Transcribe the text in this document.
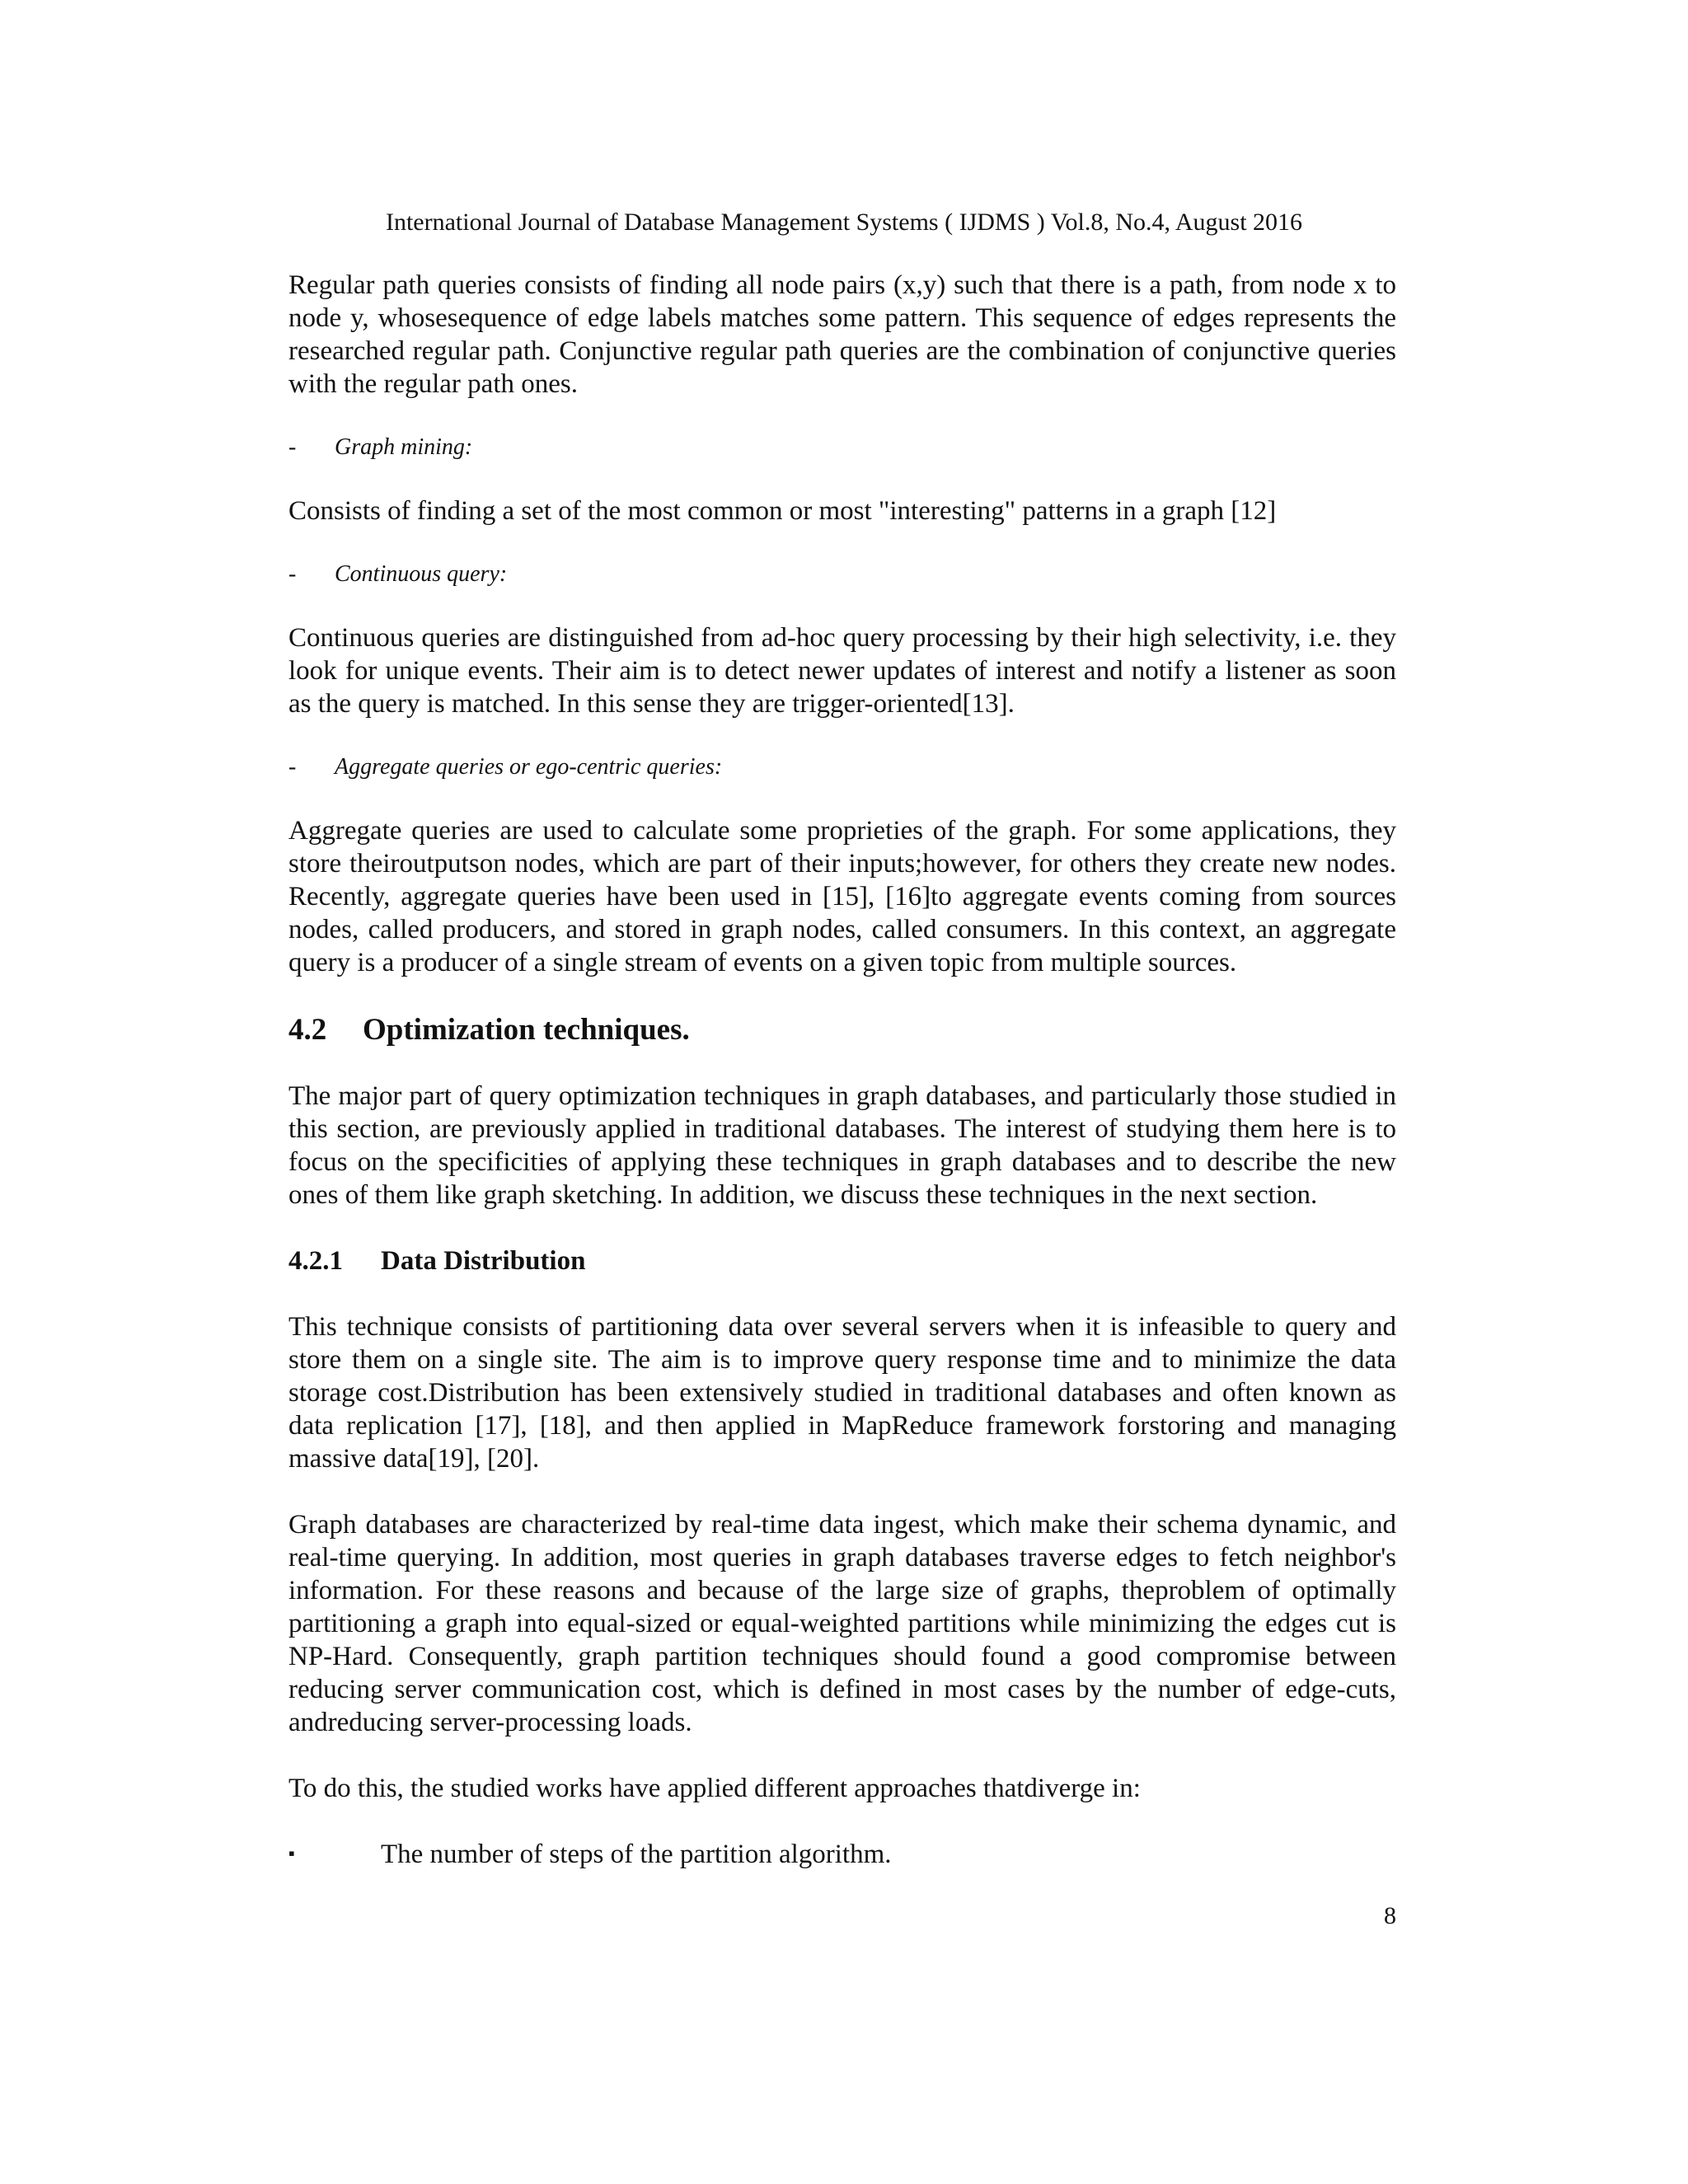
International Journal of Database Management Systems ( IJDMS ) Vol.8, No.4, August 2016

Regular path queries consists of finding all node pairs (x,y) such that there is a path, from node x to node y, whosesequence of edge labels matches some pattern. This sequence of edges represents the researched regular path. Conjunctive regular path queries are the combination of conjunctive queries with the regular path ones.

-	Graph mining:

Consists of finding a set of the most common or most "interesting" patterns in a graph [12]

-	Continuous query:

Continuous queries are distinguished from ad-hoc query processing by their high selectivity, i.e. they look for unique events. Their aim is to detect newer updates of interest and notify a listener as soon as the query is matched. In this sense they are trigger-oriented[13].

-	Aggregate queries or ego-centric queries:

Aggregate queries are used to calculate some proprieties of the graph. For some applications, they store theiroutputson nodes, which are part of their inputs;however, for others they create new nodes. Recently, aggregate queries have been used in [15], [16]to aggregate events coming from sources nodes, called producers, and stored in graph nodes, called consumers. In this context, an aggregate query is a producer of a single stream of events on a given topic from multiple sources.

4.2	Optimization techniques.

The major part of query optimization techniques in graph databases, and particularly those studied in this section, are previously applied in traditional databases. The interest of studying them here is to focus on the specificities of applying these techniques in graph databases and to describe the new ones of them like graph sketching. In addition, we discuss these techniques in the next section.

4.2.1	Data Distribution

This technique consists of partitioning data over several servers when it is infeasible to query and store them on a single site. The aim is to improve query response time and to minimize the data storage cost.Distribution has been extensively studied in traditional databases and often known as data replication [17], [18], and then applied in MapReduce framework forstoring and managing massive data[19], [20].

Graph databases are characterized by real-time data ingest, which make their schema dynamic, and real-time querying. In addition, most queries in graph databases traverse edges to fetch neighbor's information. For these reasons and because of the large size of graphs, theproblem of optimally partitioning a graph into equal-sized or equal-weighted partitions while minimizing the edges cut is NP-Hard. Consequently, graph partition techniques should found a good compromise between reducing server communication cost, which is defined in most cases by the number of edge-cuts, andreducing server-processing loads.

To do this, the studied works have applied different approaches thatdiverge in:

▪	The number of steps of the partition algorithm.
8
